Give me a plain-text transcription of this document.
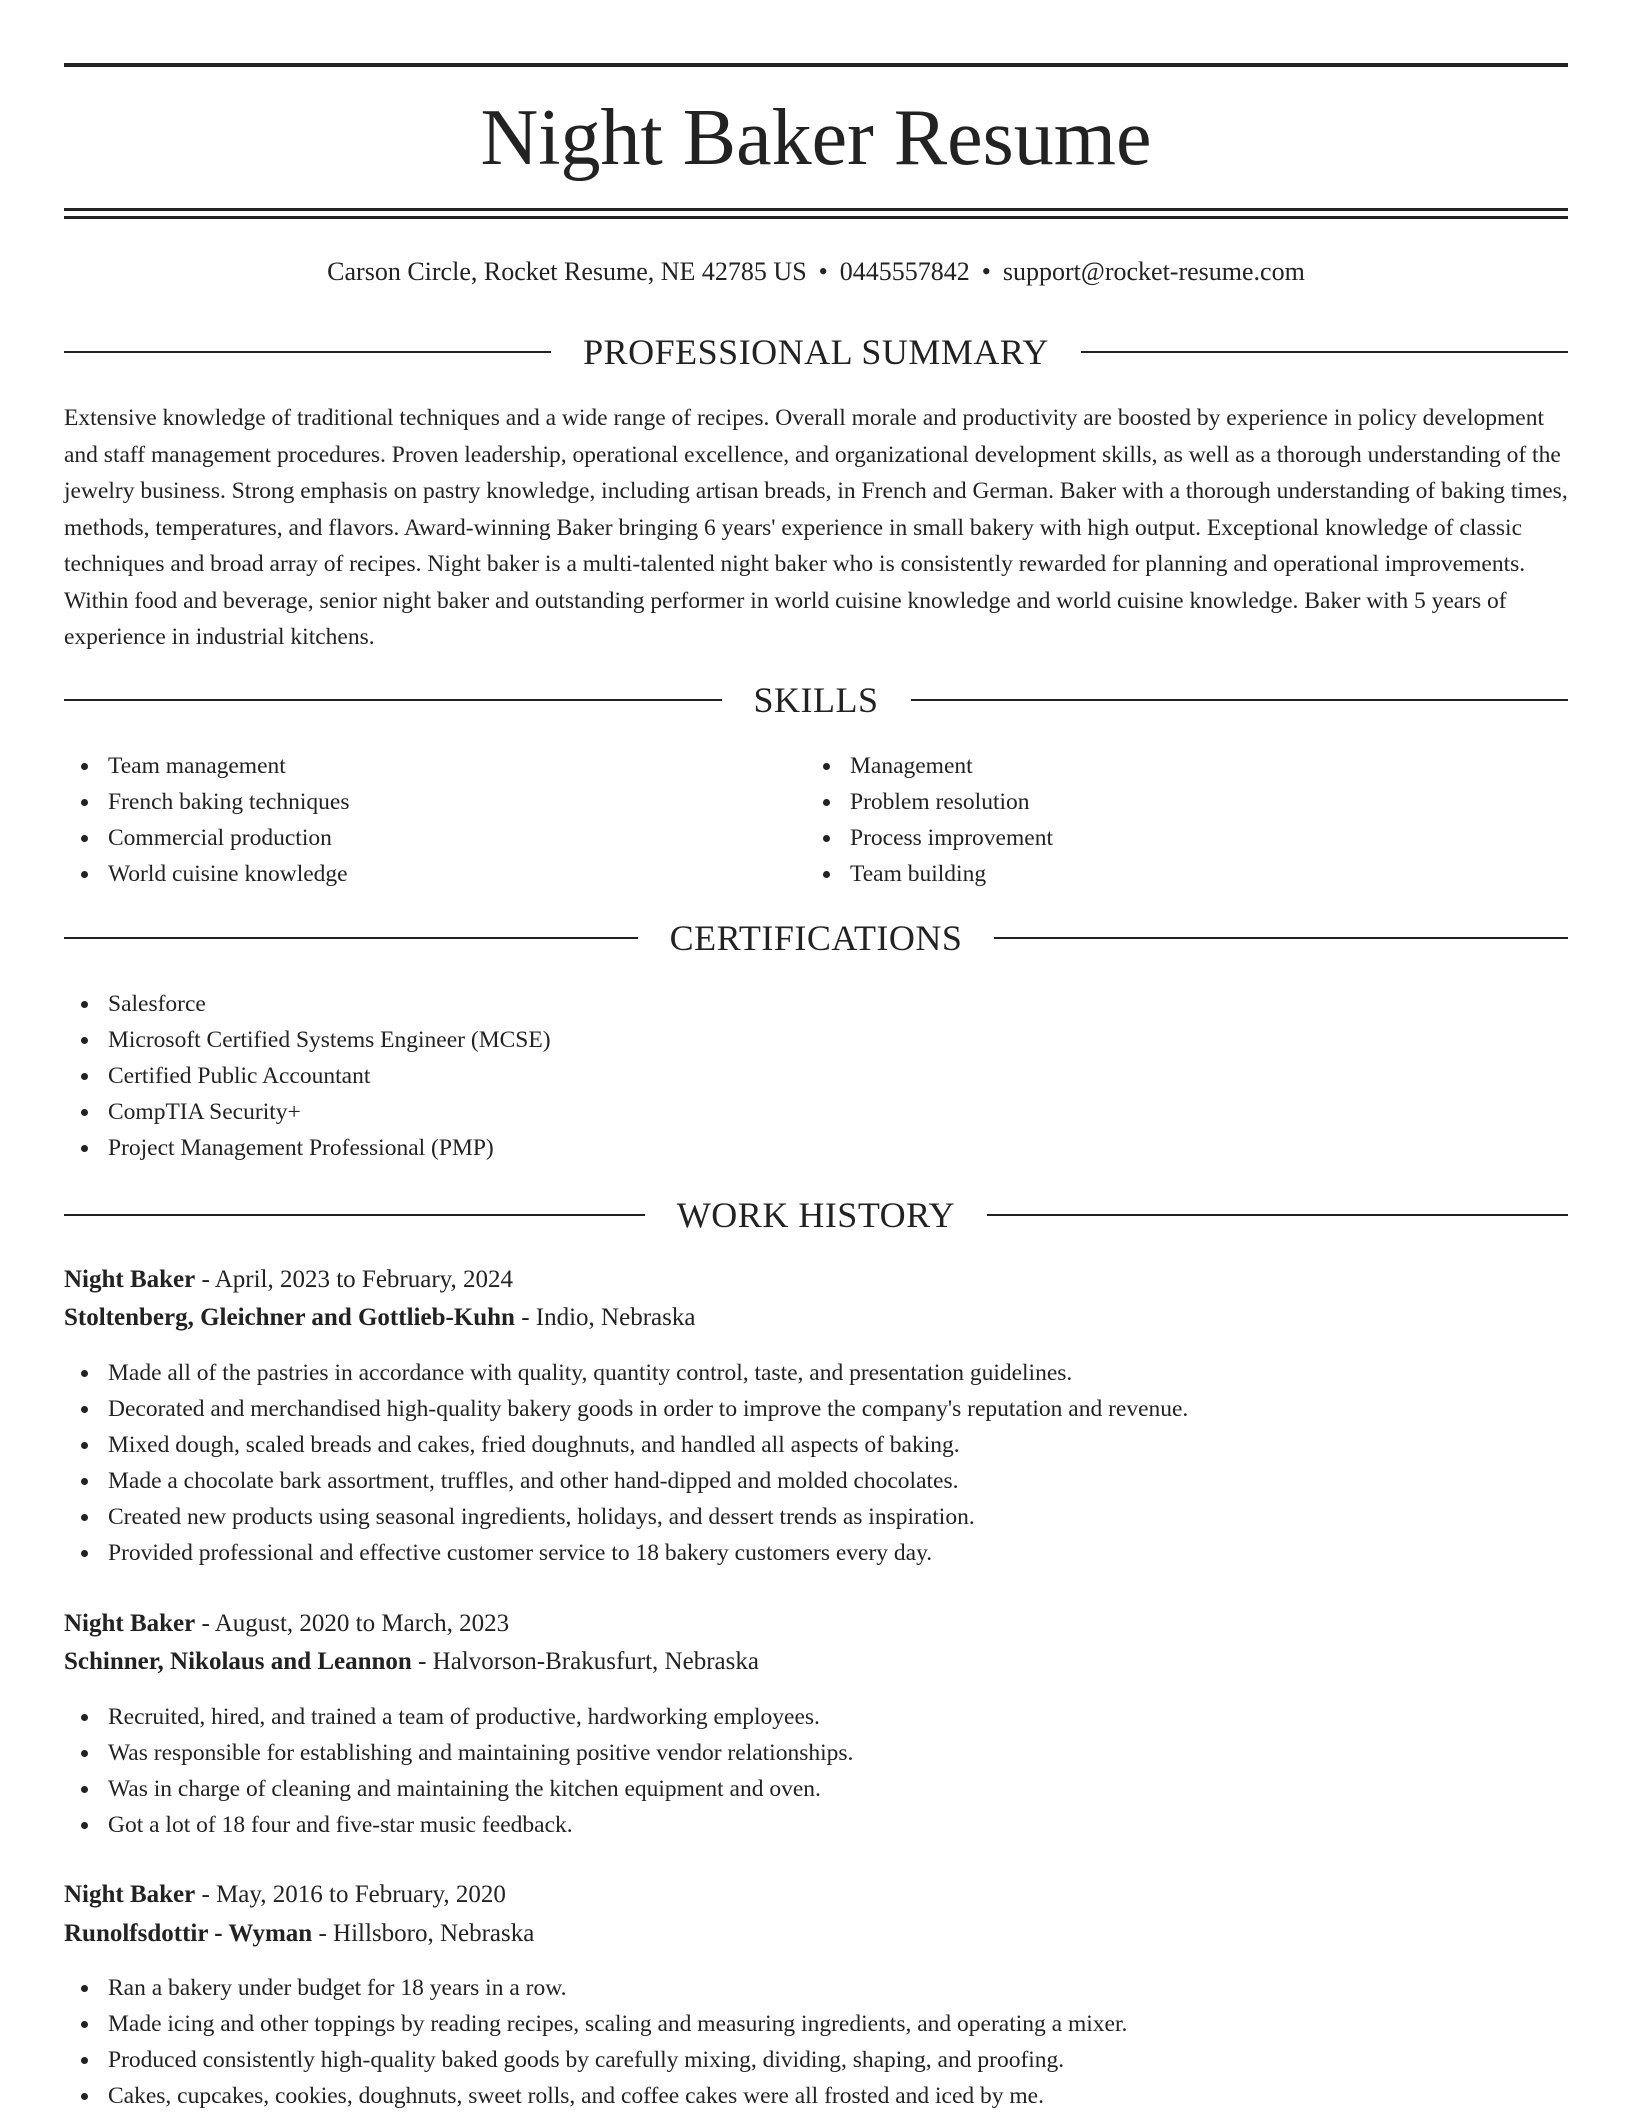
Night Baker Resume
Carson Circle, Rocket Resume, NE 42785 US • 0445557842 • support@rocket-resume.com
PROFESSIONAL SUMMARY

Extensive knowledge of traditional techniques and a wide range of recipes. Overall morale and productivity are boosted by experience in policy development and staff management procedures. Proven leadership, operational excellence, and organizational development skills, as well as a thorough understanding of the jewelry business. Strong emphasis on pastry knowledge, including artisan breads, in French and German. Baker with a thorough understanding of baking times, methods, temperatures, and flavors. Award-winning Baker bringing 6 years' experience in small bakery with high output. Exceptional knowledge of classic techniques and broad array of recipes. Night baker is a multi-talented night baker who is consistently rewarded for planning and operational improvements. Within food and beverage, senior night baker and outstanding performer in world cuisine knowledge and world cuisine knowledge. Baker with 5 years of experience in industrial kitchens.

SKILLS
Team management
French baking techniques
Commercial production
World cuisine knowledge
Management
Problem resolution
Process improvement
Team building
CERTIFICATIONS
Salesforce
Microsoft Certified Systems Engineer (MCSE)
Certified Public Accountant
CompTIA Security+
Project Management Professional (PMP)
WORK HISTORY
Night Baker - April, 2023 to February, 2024
Stoltenberg, Gleichner and Gottlieb-Kuhn - Indio, Nebraska
Made all of the pastries in accordance with quality, quantity control, taste, and presentation guidelines.
Decorated and merchandised high-quality bakery goods in order to improve the company's reputation and revenue.
Mixed dough, scaled breads and cakes, fried doughnuts, and handled all aspects of baking.
Made a chocolate bark assortment, truffles, and other hand-dipped and molded chocolates.
Created new products using seasonal ingredients, holidays, and dessert trends as inspiration.
Provided professional and effective customer service to 18 bakery customers every day.
Night Baker - August, 2020 to March, 2023
Schinner, Nikolaus and Leannon - Halvorson-Brakusfurt, Nebraska
Recruited, hired, and trained a team of productive, hardworking employees.
Was responsible for establishing and maintaining positive vendor relationships.
Was in charge of cleaning and maintaining the kitchen equipment and oven.
Got a lot of 18 four and five-star music feedback.
Night Baker - May, 2016 to February, 2020
Runolfsdottir - Wyman - Hillsboro, Nebraska
Ran a bakery under budget for 18 years in a row.
Made icing and other toppings by reading recipes, scaling and measuring ingredients, and operating a mixer.
Produced consistently high-quality baked goods by carefully mixing, dividing, shaping, and proofing.
Cakes, cupcakes, cookies, doughnuts, sweet rolls, and coffee cakes were all frosted and iced by me.
